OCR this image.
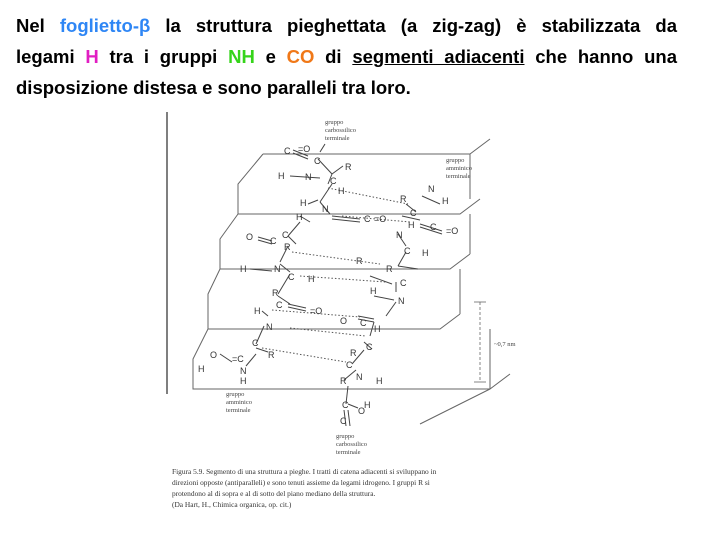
Nel foglietto-β la struttura pieghettata (a zig-zag) è stabilizzata da
legami H tra i gruppi NH e CO di segmenti adiacenti che hanno una
disposizione distesa e sono paralleli tra loro.
~0,7 nm
gruppo
carbossilico
terminale
gruppo
amminico
terminale
gruppo
amminico
terminale
gruppo
carbossilico
terminale
C =O
C
R
H N C
H
H
N
C =O
H
C
O C
R
H	N
C H
R
C
=O
H
N
C
R
O =C
N
H
H
R
N
H
C
H
N	=O
C
H
C
R
R
C
H
N
C
O
H
C
R
C
N H
R
C H
C
O
Figura 5.9. Segmento di una struttura a pieghe. I tratti di catena adiacenti si sviluppano in
direzioni opposte (antiparalleli) e sono tenuti assieme da legami idrogeno. I gruppi R si
protendono al di sopra e al di sotto del piano mediano della struttura.
(Da Hart, H., Chimica organica, op. cit.)
